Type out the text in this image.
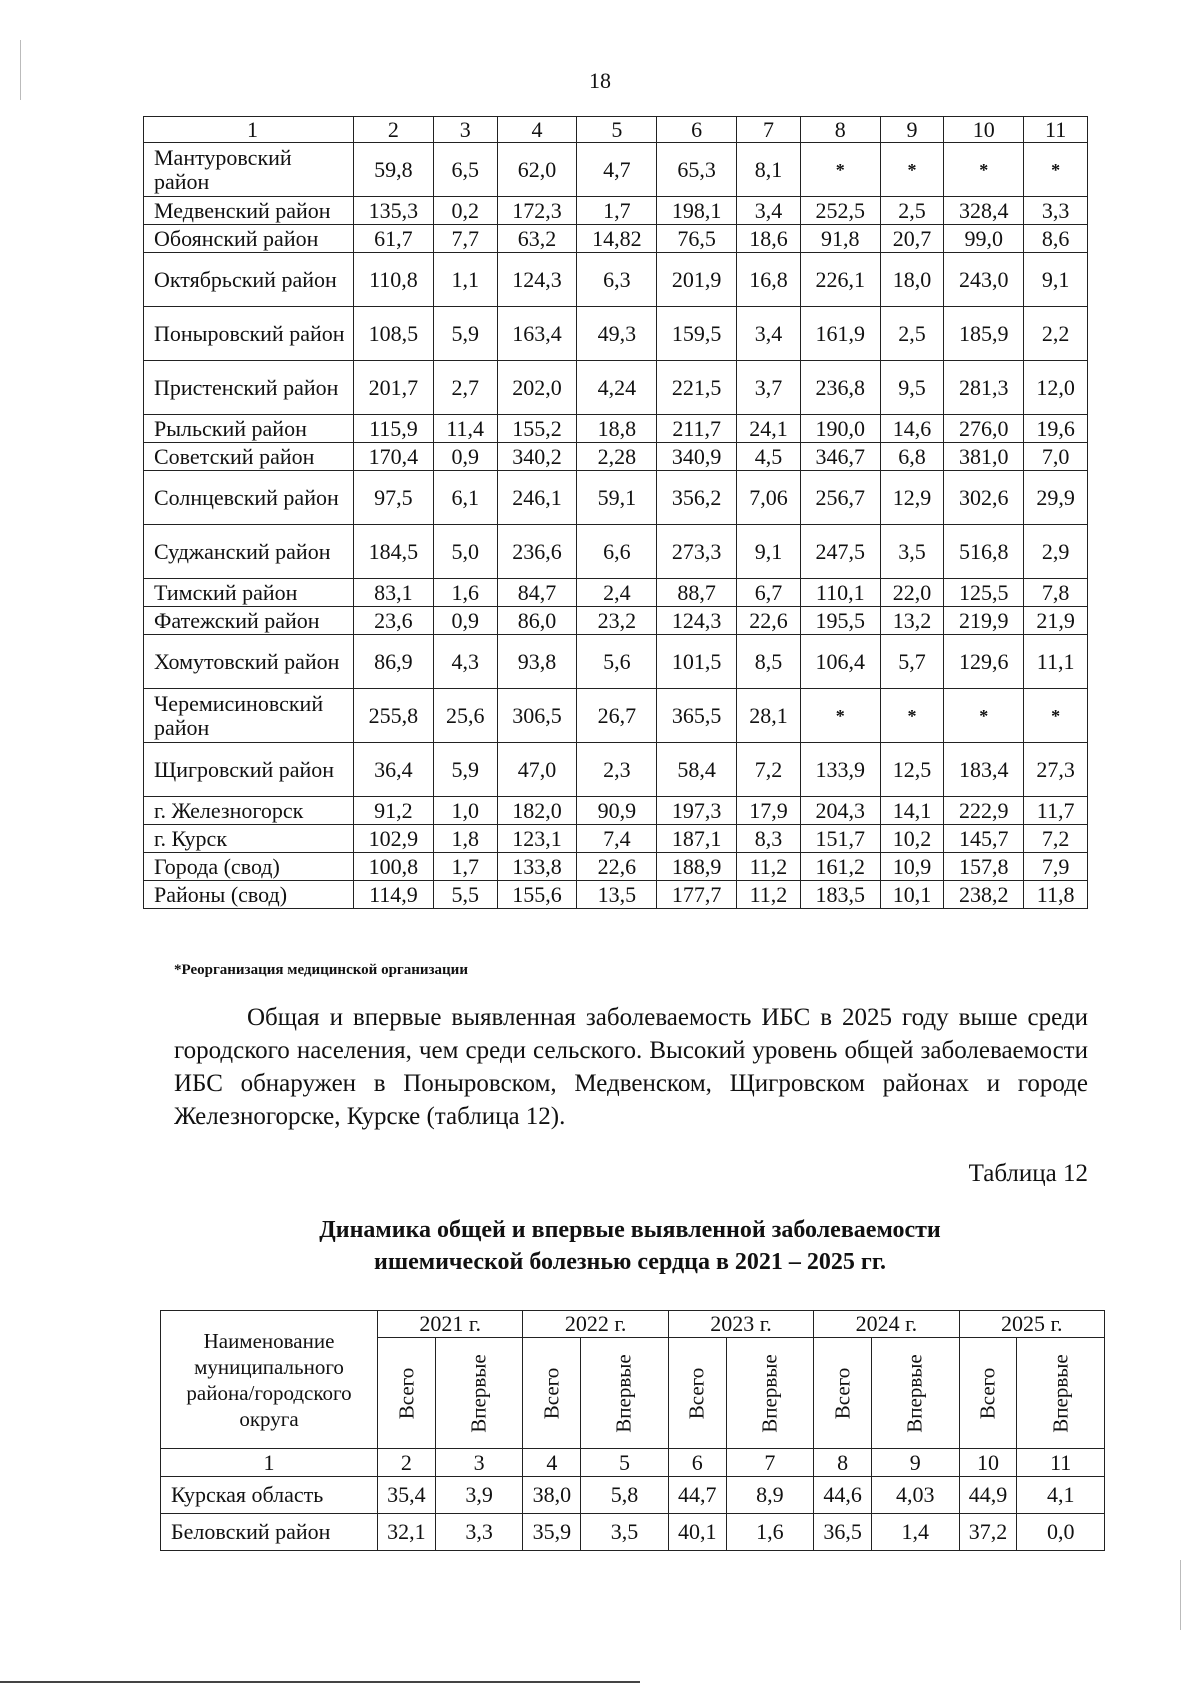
18
1	2	3	4	5	6	7	8	9	10	11
Мантуровский район	59,8	6,5	62,0	4,7	65,3	8,1	*	*	*	*
Медвенский район	135,3	0,2	172,3	1,7	198,1	3,4	252,5	2,5	328,4	3,3
Обоянский район	61,7	7,7	63,2	14,82	76,5	18,6	91,8	20,7	99,0	8,6
Октябрьский район	110,8	1,1	124,3	6,3	201,9	16,8	226,1	18,0	243,0	9,1
Поныровский район	108,5	5,9	163,4	49,3	159,5	3,4	161,9	2,5	185,9	2,2
Пристенский район	201,7	2,7	202,0	4,24	221,5	3,7	236,8	9,5	281,3	12,0
Рыльский район	115,9	11,4	155,2	18,8	211,7	24,1	190,0	14,6	276,0	19,6
Советский район	170,4	0,9	340,2	2,28	340,9	4,5	346,7	6,8	381,0	7,0
Солнцевский район	97,5	6,1	246,1	59,1	356,2	7,06	256,7	12,9	302,6	29,9
Суджанский район	184,5	5,0	236,6	6,6	273,3	9,1	247,5	3,5	516,8	2,9
Тимский район	83,1	1,6	84,7	2,4	88,7	6,7	110,1	22,0	125,5	7,8
Фатежский район	23,6	0,9	86,0	23,2	124,3	22,6	195,5	13,2	219,9	21,9
Хомутовский район	86,9	4,3	93,8	5,6	101,5	8,5	106,4	5,7	129,6	11,1
Черемисиновский район	255,8	25,6	306,5	26,7	365,5	28,1	*	*	*	*
Щигровский район	36,4	5,9	47,0	2,3	58,4	7,2	133,9	12,5	183,4	27,3
г. Железногорск	91,2	1,0	182,0	90,9	197,3	17,9	204,3	14,1	222,9	11,7
г. Курск	102,9	1,8	123,1	7,4	187,1	8,3	151,7	10,2	145,7	7,2
Города (свод)	100,8	1,7	133,8	22,6	188,9	11,2	161,2	10,9	157,8	7,9
Районы (свод)	114,9	5,5	155,6	13,5	177,7	11,2	183,5	10,1	238,2	11,8
*Реорганизация медицинской организации
Общая и впервые выявленная заболеваемость ИБС в 2025 году выше среди городского населения, чем среди сельского. Высокий уровень общей заболеваемости ИБС обнаружен в Поныровском, Медвенском, Щигровском районах и городе Железногорске, Курске (таблица 12).
Таблица 12
Динамика общей и впервые выявленной заболеваемости
ишемической болезнью сердца в 2021 – 2025 гг.
Наименование муниципального района/городского округа	2021 г.		2022 г.		2023 г.		2024 г.		2025 г.	
	Всего	Впервые	Всего	Впервые	Всего	Впервые	Всего	Впервые	Всего	Впервые
1	2	3	4	5	6	7	8	9	10	11
Курская область	35,4	3,9	38,0	5,8	44,7	8,9	44,6	4,03	44,9	4,1
Беловский район	32,1	3,3	35,9	3,5	40,1	1,6	36,5	1,4	37,2	0,0
